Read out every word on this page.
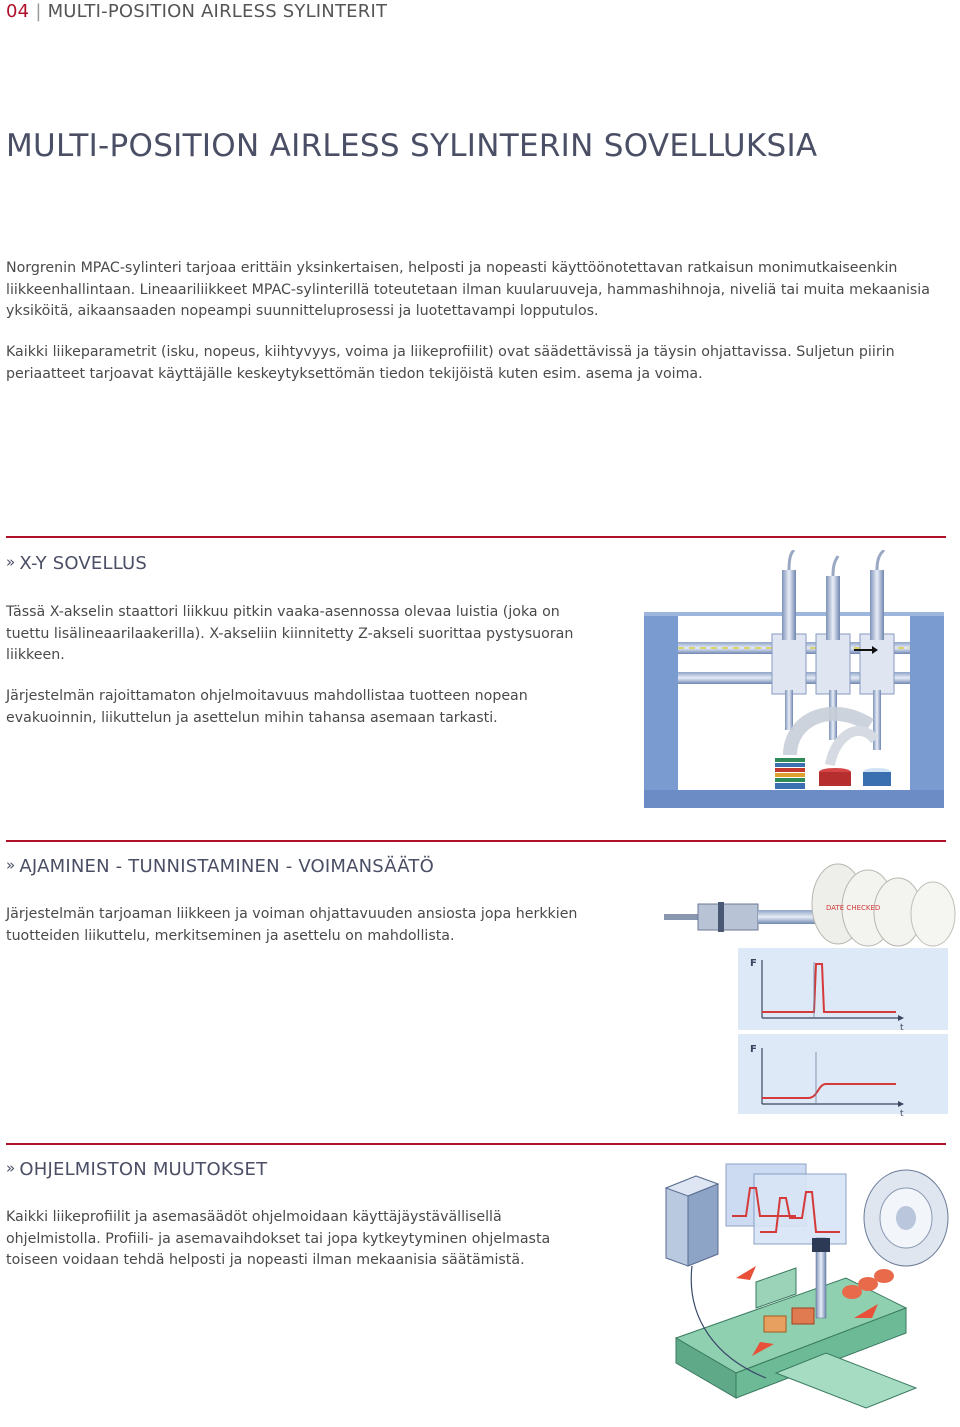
04 | MULTI-POSITION AIRLESS SYLINTERIT
MULTI-POSITION AIRLESS SYLINTERIN SOVELLUKSIA

Norgrenin MPAC-sylinteri tarjoaa erittäin yksinkertaisen, helposti ja nopeasti käyttöönotettavan ratkaisun monimutkaiseenkin liikkeenhallintaan. Lineaariliikkeet MPAC-sylinterillä toteutetaan ilman kuularuuveja, hammashihnoja, niveliä tai muita mekaanisia yksiköitä, aikaansaaden nopeampi suunnitteluprosessi ja luotettavampi lopputulos.

Kaikki liikeparametrit (isku, nopeus, kiihtyvyys, voima ja liikeprofiilit) ovat säädettävissä ja täysin ohjattavissa. Suljetun piirin periaatteet tarjoavat käyttäjälle keskeytyksettömän tiedon tekijöistä kuten esim. asema ja voima.

» X-Y SOVELLUS

Tässä X-akselin staattori liikkuu pitkin vaaka-asennossa olevaa luistia (joka on tuettu lisälineaarilaakerilla). X-akseliin kiinnitetty Z-akseli suorittaa pystysuoran liikkeen.

Järjestelmän rajoittamaton ohjelmoitavuus mahdollistaa tuotteen nopean evakuoinnin, liikuttelun ja asettelun mihin tahansa asemaan tarkasti.

» AJAMINEN - TUNNISTAMINEN - VOIMANSÄÄTÖ

Järjestelmän tarjoaman liikkeen ja voiman ohjattavuuden ansiosta jopa herkkien tuotteiden liikuttelu, merkitseminen ja asettelu on mahdollista.

DATE CHECKED
F
t
F
t
» OHJELMISTON MUUTOKSET

Kaikki liikeprofiilit ja asemasäädöt ohjelmoidaan käyttäjäystävällisellä ohjelmistolla. Profiili- ja asemavaihdokset tai jopa kytkeytyminen ohjelmasta toiseen voidaan tehdä helposti ja nopeasti ilman mekaanisia säätämistä.
